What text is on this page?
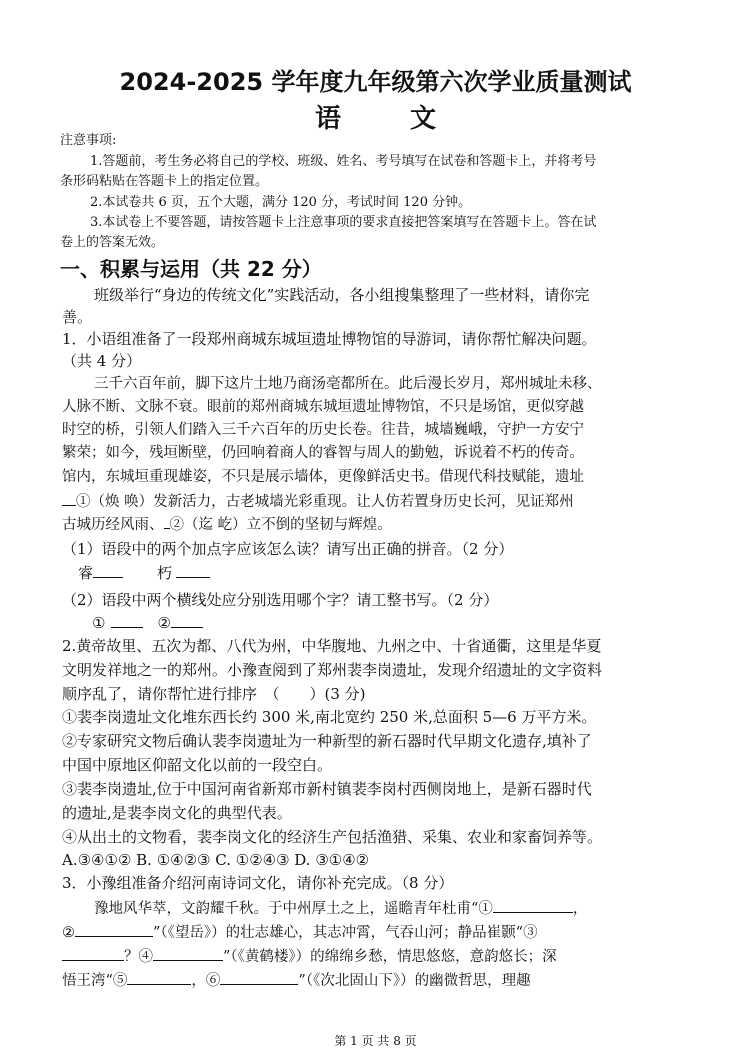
2024-2025 学年度九年级第六次学业质量测试
语 文
注意事项:
1.答题前，考生务必将自己的学校、班级、姓名、考号填写在试卷和答题卡上，并将考号
条形码粘贴在答题卡上的指定位置。
2.本试卷共 6 页，五个大题，满分 120 分，考试时间 120 分钟。
3.本试卷上不要答题，请按答题卡上注意事项的要求直接把答案填写在答题卡上。答在试
卷上的答案无效。
一、积累与运用（共 22 分）
班级举行“身边的传统文化”实践活动，各小组搜集整理了一些材料，请你完
善。
1．小语组准备了一段郑州商城东城垣遗址博物馆的导游词，请你帮忙解决问题。
（共 4 分）
三千六百年前，脚下这片土地乃商汤亳都所在。此后漫长岁月，郑州城址未移、
人脉不断、文脉不衰。眼前的郑州商城东城垣遗址博物馆，不只是场馆，更似穿越
时空的桥，引领人们踏入三千六百年的历史长卷。往昔，城墙巍峨，守护一方安宁
繁荣；如今，残垣断壁，仍回响着商人的睿智与周人的勤勉，诉说着不朽的传奇。
馆内，东城垣重现雄姿，不只是展示墙体，更像鲜活史书。借现代科技赋能，遗址
①（焕 唤）发新活力，古老城墙光彩重现。让人仿若置身历史长河，见证郑州
古城历经风雨、 ②（迄 屹）立不倒的坚韧与辉煌。
（1）语段中的两个加点字应该怎么读？请写出正确的拼音。（2 分）
睿	朽
（2）语段中两个横线处应分别选用哪个字？请工整书写。（2 分）
①	②
2.黄帝故里、五次为都、八代为州，中华腹地、九州之中、十省通衢，这里是华夏
文明发祥地之一的郑州。小豫查阅到了郑州裴李岗遗址，发现介绍遗址的文字资料
顺序乱了，请你帮忙进行排序　（　　）(3 分)
①裴李岗遗址文化堆东西长约 300 米,南北宽约 250 米,总面积 5—6 万平方米。
②专家研究文物后确认裴李岗遗址为一种新型的新石器时代早期文化遗存,填补了
中国中原地区仰韶文化以前的一段空白。
③裴李岗遗址,位于中国河南省新郑市新村镇裴李岗村西侧岗地上，是新石器时代
的遗址,是裴李岗文化的典型代表。
④从出土的文物看，裴李岗文化的经济生产包括渔猎、采集、农业和家畜饲养等。
A.③④①② B. ①④②③ C. ①②④③ D. ③①④②
3．小豫组准备介绍河南诗词文化，请你补充完成。（8 分）
豫地风华萃，文韵耀千秋。于中州厚土之上，遥瞻青年杜甫“①	，
②	”（《望岳》）的壮志雄心，其志冲霄，气吞山河；静品崔颢“③
？④	”（《黄鹤楼》）的绵绵乡愁，情思悠悠，意韵悠长；深
悟王湾“⑤	，⑥	”（《次北固山下》）的幽微哲思，理趣
第 1 页 共 8 页
